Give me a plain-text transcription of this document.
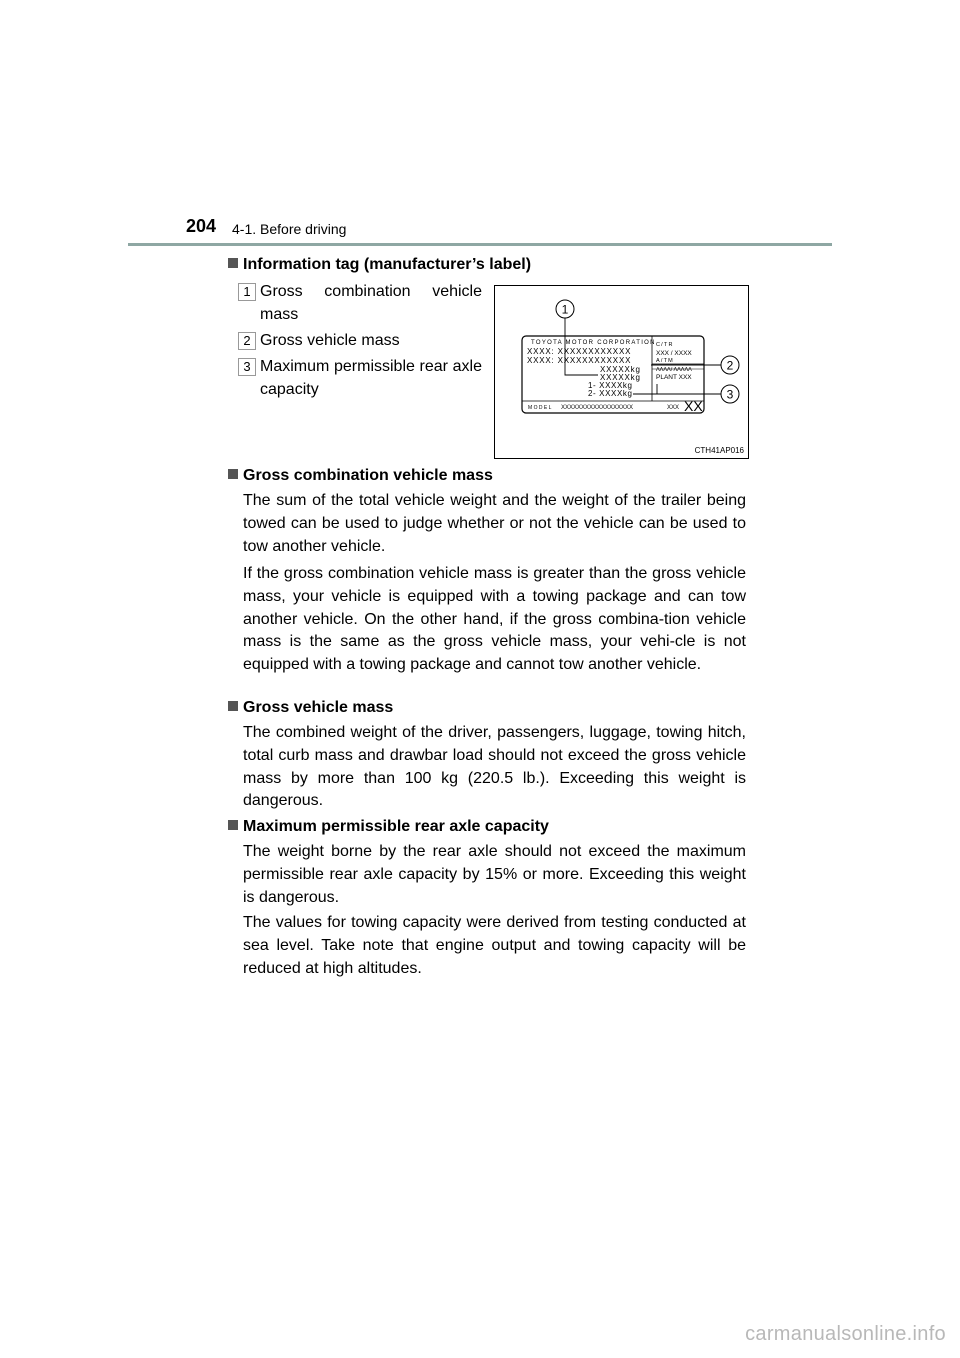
204 4-1. Before driving
Information tag (manufacturer’s label)
1 Gross combination vehicle mass
2 Gross vehicle mass
3 Maximum permissible rear axle capacity
TOYOTA MOTOR CORPORATION
XXXX: XXXXXXXXXXXX
XXXX: XXXXXXXXXXXX
XXXXXkg
XXXXXkg
1- XXXXkg
2- XXXXkg
C/TR
XXX / XXXX
A/TM
ΛΛΛΛ/ ΛΛΛΛΛ
PLANT XXX
MODEL XXXXXXXXXXXXXXXXXX	XXX XX
1
2
3
CTH41AP016
Gross combination vehicle mass
The sum of the total vehicle weight and the weight of the trailer being towed can be used to judge whether or not the vehicle can be used to tow another vehicle.
If the gross combination vehicle mass is greater than the gross vehicle mass, your vehicle is equipped with a towing package and can tow another vehicle. On the other hand, if the gross combina-tion vehicle mass is the same as the gross vehicle mass, your vehi-cle is not equipped with a towing package and cannot tow another vehicle.
Gross vehicle mass
The combined weight of the driver, passengers, luggage, towing hitch, total curb mass and drawbar load should not exceed the gross vehicle mass by more than 100 kg (220.5 lb.). Exceeding this weight is dangerous.
Maximum permissible rear axle capacity
The weight borne by the rear axle should not exceed the maximum permissible rear axle capacity by 15% or more. Exceeding this weight is dangerous.
The values for towing capacity were derived from testing conducted at sea level. Take note that engine output and towing capacity will be reduced at high altitudes.
carmanualsonline.info
